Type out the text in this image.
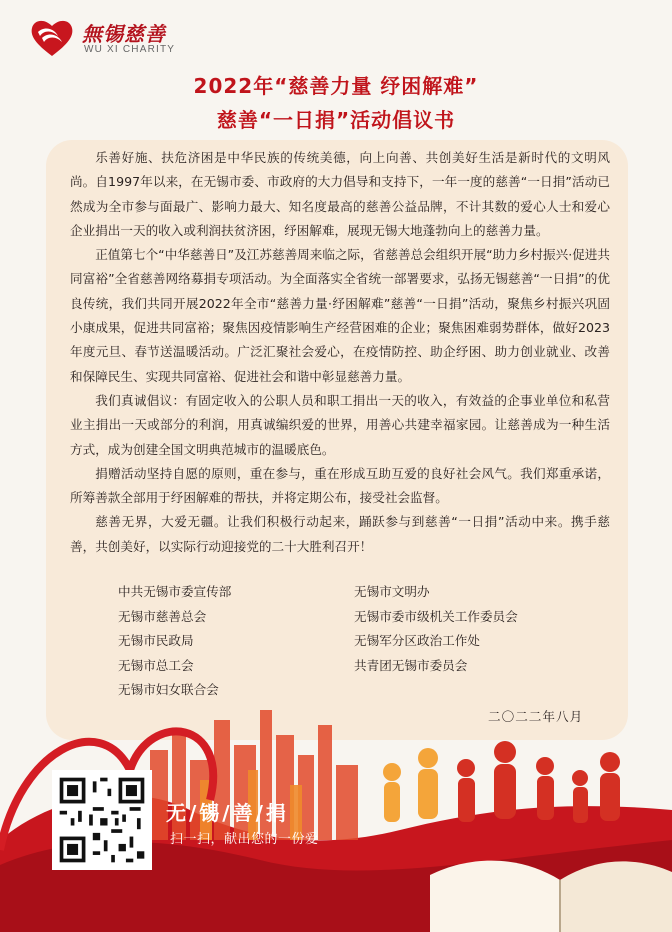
無锡慈善
WU XI CHARITY
2022年“慈善力量 纾困解难”
慈善“一日捐”活动倡议书

乐善好施、扶危济困是中华民族的传统美德，向上向善、共创美好生活是新时代的文明风尚。自1997年以来，在无锡市委、市政府的大力倡导和支持下，一年一度的慈善“一日捐”活动已然成为全市参与面最广、影响力最大、知名度最高的慈善公益品牌，不计其数的爱心人士和爱心企业捐出一天的收入或利润扶贫济困，纾困解难，展现无锡大地蓬勃向上的慈善力量。

正值第七个“中华慈善日”及江苏慈善周来临之际，省慈善总会组织开展“助力乡村振兴·促进共同富裕”全省慈善网络募捐专项活动。为全面落实全省统一部署要求，弘扬无锡慈善“一日捐”的优良传统，我们共同开展2022年全市“慈善力量·纾困解难”慈善“一日捐”活动，聚焦乡村振兴巩固小康成果，促进共同富裕；聚焦因疫情影响生产经营困难的企业；聚焦困难弱势群体，做好2023年度元旦、春节送温暖活动。广泛汇聚社会爱心，在疫情防控、助企纾困、助力创业就业、改善和保障民生、实现共同富裕、促进社会和谐中彰显慈善力量。

我们真诚倡议：有固定收入的公职人员和职工捐出一天的收入，有效益的企事业单位和私营业主捐出一天或部分的利润，用真诚编织爱的世界，用善心共建幸福家园。让慈善成为一种生活方式，成为创建全国文明典范城市的温暖底色。

捐赠活动坚持自愿的原则，重在参与，重在形成互助互爱的良好社会风气。我们郑重承诺，所筹善款全部用于纾困解难的帮扶，并将定期公布，接受社会监督。

慈善无界，大爱无疆。让我们积极行动起来，踊跃参与到慈善“一日捐”活动中来。携手慈善，共创美好，以实际行动迎接党的二十大胜利召开！

中共无锡市委宣传部
无锡市慈善总会
无锡市民政局
无锡市总工会
无锡市妇女联合会
无锡市文明办
无锡市委市级机关工作委员会
无锡军分区政治工作处
共青团无锡市委员会
二〇二二年八月
无/锡/善/捐
扫一扫，献出您的一份爱
